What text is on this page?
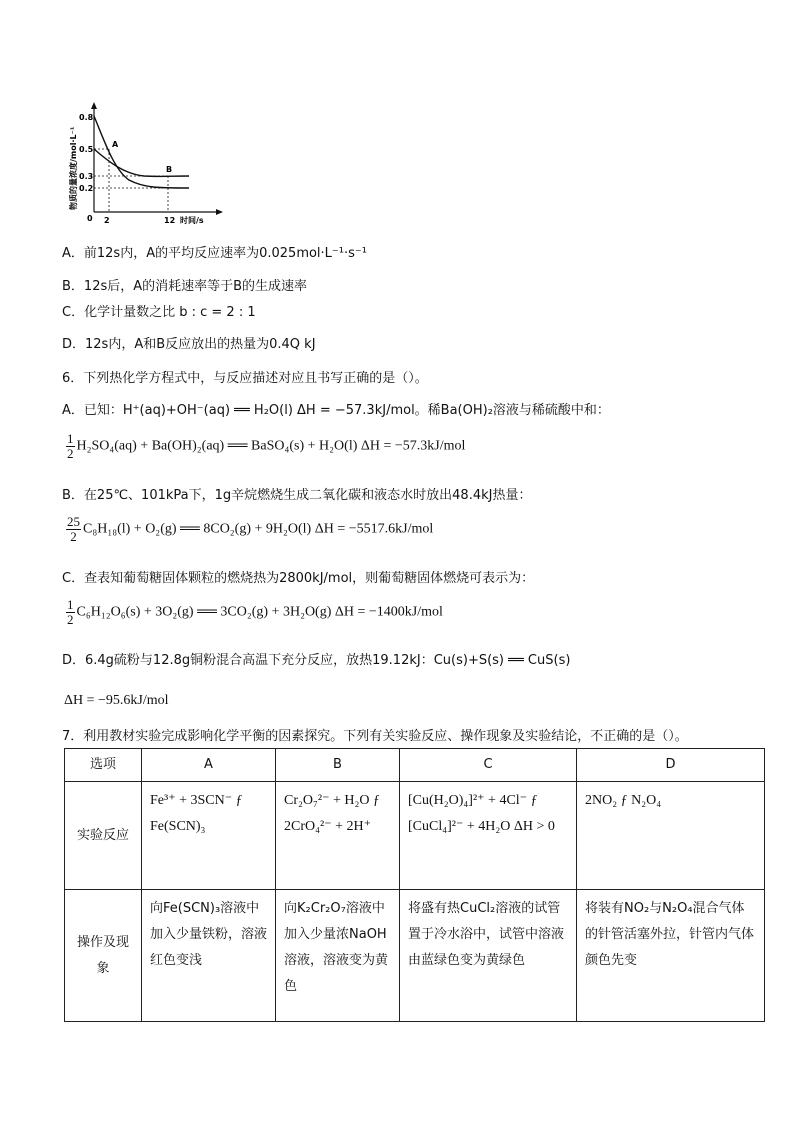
物质的量浓度/mol·L⁻¹
0.8
0.5
0.3
0.2
0 2	12 时间/s
A
B
A．前12s内，A的平均反应速率为0.025mol·L⁻¹·s⁻¹
B．12s后，A的消耗速率等于B的生成速率
C．化学计量数之比 b : c = 2 : 1
D．12s内，A和B反应放出的热量为0.4Q kJ
6．下列热化学方程式中，与反应描述对应且书写正确的是（）。
A．已知：H⁺(aq)+OH⁻(aq) ══ H₂O(l) ΔH = −57.3kJ/mol。稀Ba(OH)₂溶液与稀硫酸中和：
$\frac{1}{2} H_2SO_4(aq) + Ba(OH)_2(aq)$ ══ BaSO₄(s) + H₂O(l) ΔH = −57.3kJ/mol
B．在25℃、101kPa下，1g辛烷燃烧生成二氧化碳和液态水时放出48.4kJ热量：
$\frac{25}{2} C_8H_{18}(l) + O_2(g)$ ══ 8CO₂(g) + 9H₂O(l) ΔH = −5517.6kJ/mol
C．查表知葡萄糖固体颗粒的燃烧热为2800kJ/mol，则葡萄糖固体燃烧可表示为：
$\frac{1}{2} C_6H_{12}O_6(s) + 3O_2(g)$ ══ 3CO₂(g) + 3H₂O(g) ΔH = −1400kJ/mol
D．6.4g硫粉与12.8g铜粉混合高温下充分反应，放热19.12kJ：Cu(s)+S(s) ══ CuS(s)
ΔH = −95.6kJ/mol
7．利用教材实验完成影响化学平衡的因素探究。下列有关实验反应、操作现象及实验结论，不正确的是（）。
选项	A	B	C	D
实验反应	Fe³⁺ + 3SCN⁻ ƒ Fe(SCN)₃	Cr₂O₇²⁻ + H₂O ƒ 2CrO₄²⁻ + 2H⁺	[Cu(H₂O)₄]²⁺ + 4Cl⁻ ƒ [CuCl₄]²⁻ + 4H₂O ΔH > 0	2NO₂ ƒ N₂O₄
操作及现象	向Fe(SCN)₃溶液中加入少量铁粉，溶液红色变浅	向K₂Cr₂O₇溶液中加入少量浓NaOH溶液，溶液变为黄色	将盛有热CuCl₂溶液的试管置于冷水浴中，试管中溶液由蓝绿色变为黄绿色	将装有NO₂与N₂O₄混合气体的针管活塞外拉，针管内气体颜色先变
